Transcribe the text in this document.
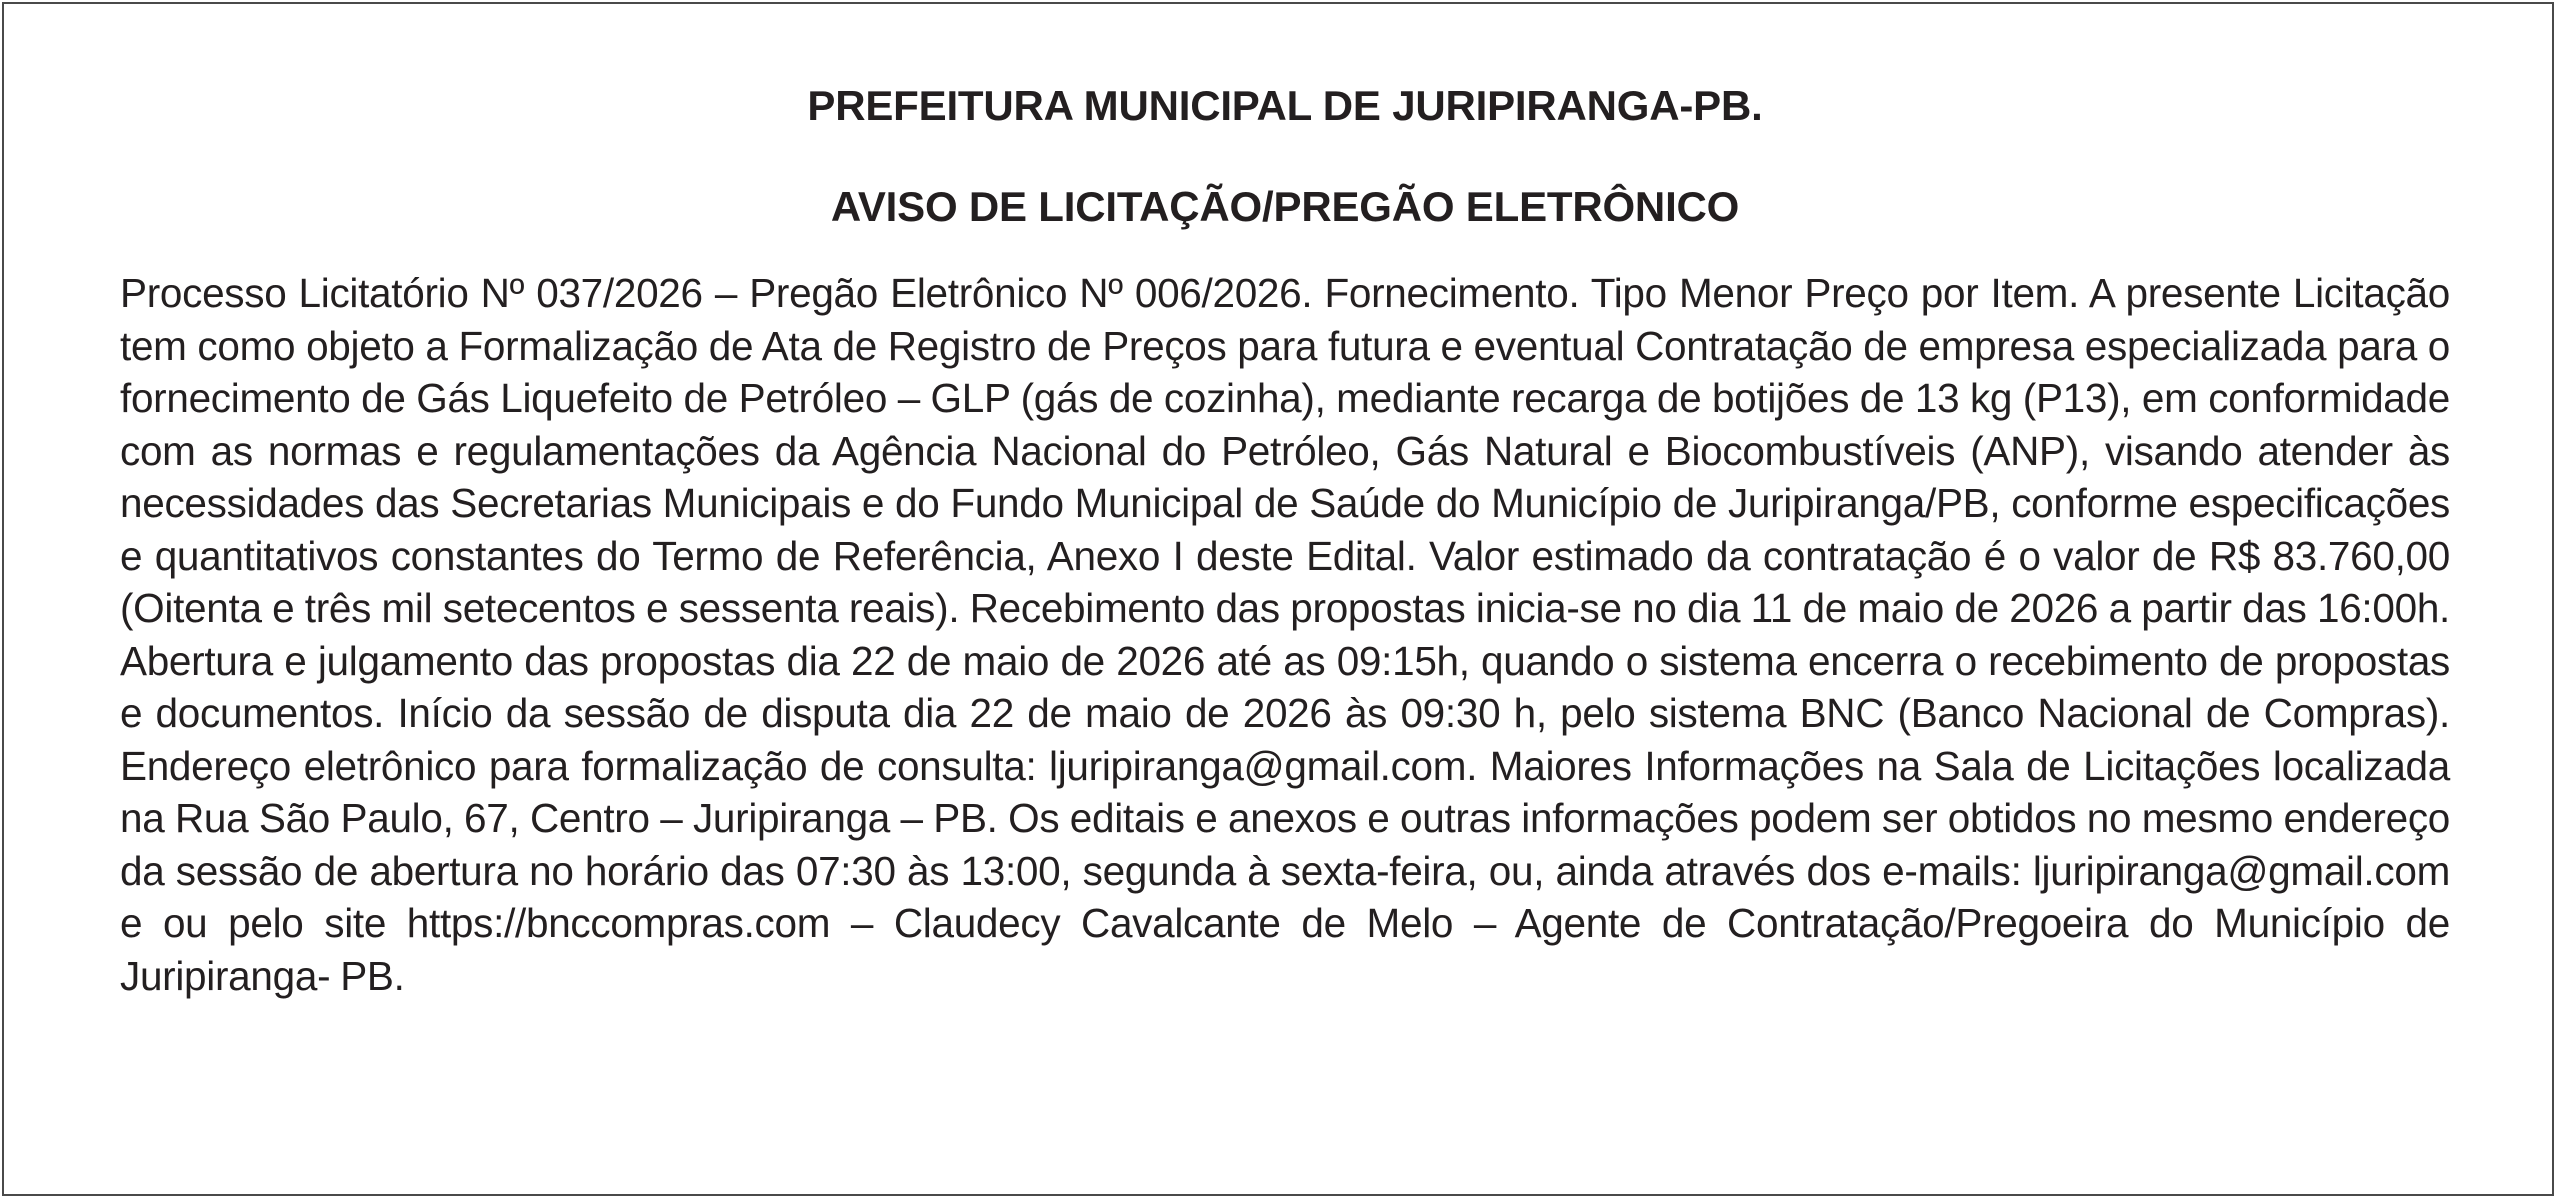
PREFEITURA MUNICIPAL DE JURIPIRANGA-PB.
AVISO DE LICITAÇÃO/PREGÃO ELETRÔNICO

Processo Licitatório Nº 037/2026 – Pregão Eletrônico Nº 006/2026. Fornecimento. Tipo Menor Preço por Item. A presente Licitação tem como objeto a Formalização de Ata de Registro de Preços para futura e eventual Contratação de empresa especializada para o fornecimento de Gás Liquefeito de Petróleo – GLP (gás de cozinha), mediante recarga de botijões de 13 kg (P13), em conformidade com as normas e regulamentações da Agência Nacional do Petróleo, Gás Natural e Biocombustíveis (ANP), visando atender às necessidades das Secretarias Municipais e do Fundo Municipal de Saúde do Município de Juripiranga/PB, conforme especificações e quantitativos constantes do Termo de Referência, Anexo I deste Edital. Valor estimado da contratação é o valor de R$ 83.760,00 (Oitenta e três mil setecentos e sessenta reais). Recebimento das propostas inicia-se no dia 11 de maio de 2026 a partir das 16:00h. Abertura e julgamento das propostas dia 22 de maio de 2026 até as 09:15h, quando o sistema encerra o recebimento de propostas e documentos. Início da sessão de disputa dia 22 de maio de 2026 às 09:30 h, pelo sistema BNC (Banco Nacional de Compras). Endereço eletrônico para formalização de consulta: ljuripiranga@gmail.com. Maiores Informações na Sala de Licitações localizada na Rua São Paulo, 67, Centro – Juripiranga – PB. Os editais e anexos e outras informações podem ser obtidos no mesmo endereço da sessão de abertura no horário das 07:30 às 13:00, segunda à sexta-feira, ou, ainda através dos e-mails: ljuripiranga@gmail.com e ou pelo site https://bnccompras.com – Claudecy Cavalcante de Melo – Agente de Contratação/Pregoeira do Município de Juripiranga- PB.
